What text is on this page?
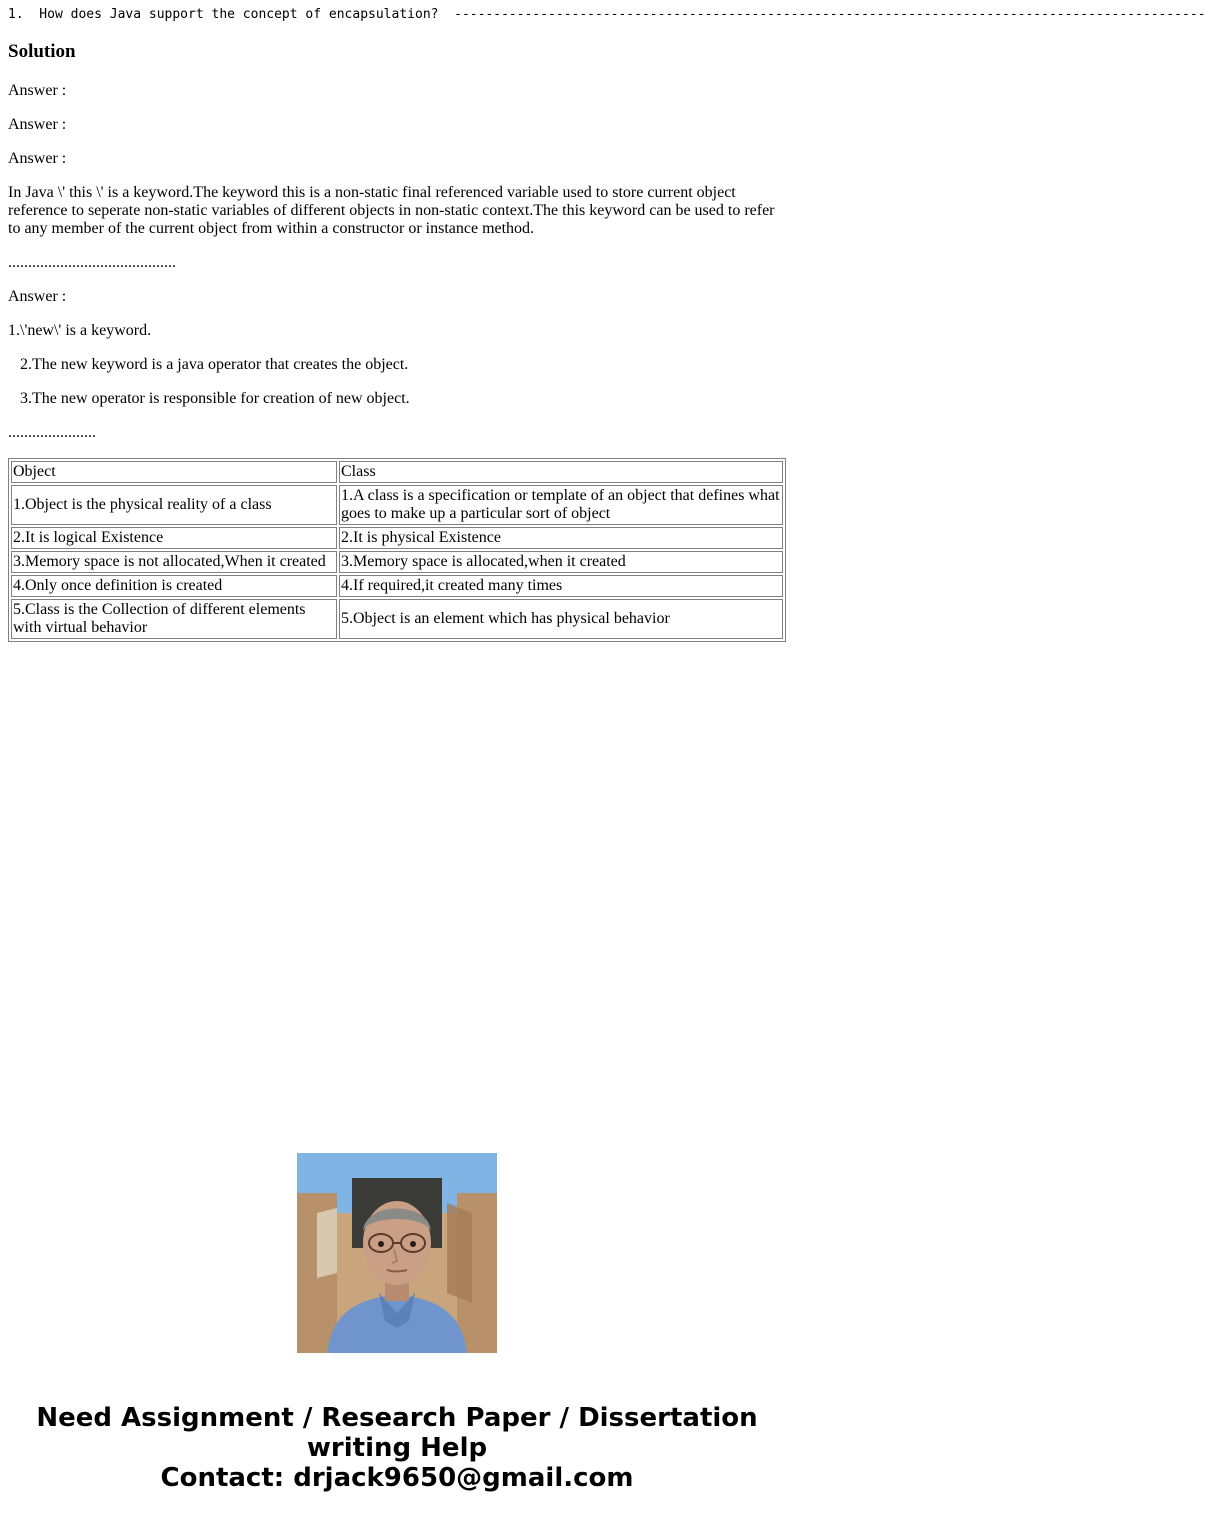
1.  How does Java support the concept of encapsulation?  ------------------------------------------------------------------------------------------------
Solution

Answer :

Answer :

Answer :

In Java \' this \' is a keyword.The keyword this is a non-static final referenced variable used to store current object reference to seperate non-static variables of different objects in non-static context.The this keyword can be used to refer to any member of the current object from within a constructor or instance method.

..........................................

Answer :

1.\'new\' is a keyword.

2.The new keyword is a java operator that creates the object.

3.The new operator is responsible for creation of new object.

......................

Object	Class
1.Object is the physical reality of a class	1.A class is a specification or template of an object that defines what goes to make up a particular sort of object
2.It is logical Existence	2.It is physical Existence
3.Memory space is not allocated,When it created	3.Memory space is allocated,when it created
4.Only once definition is created	4.If required,it created many times
5.Class is the Collection of different elements with virtual behavior	5.Object is an element which has physical behavior
Need Assignment / Research Paper / Dissertation writing Help
Contact: drjack9650@gmail.com
